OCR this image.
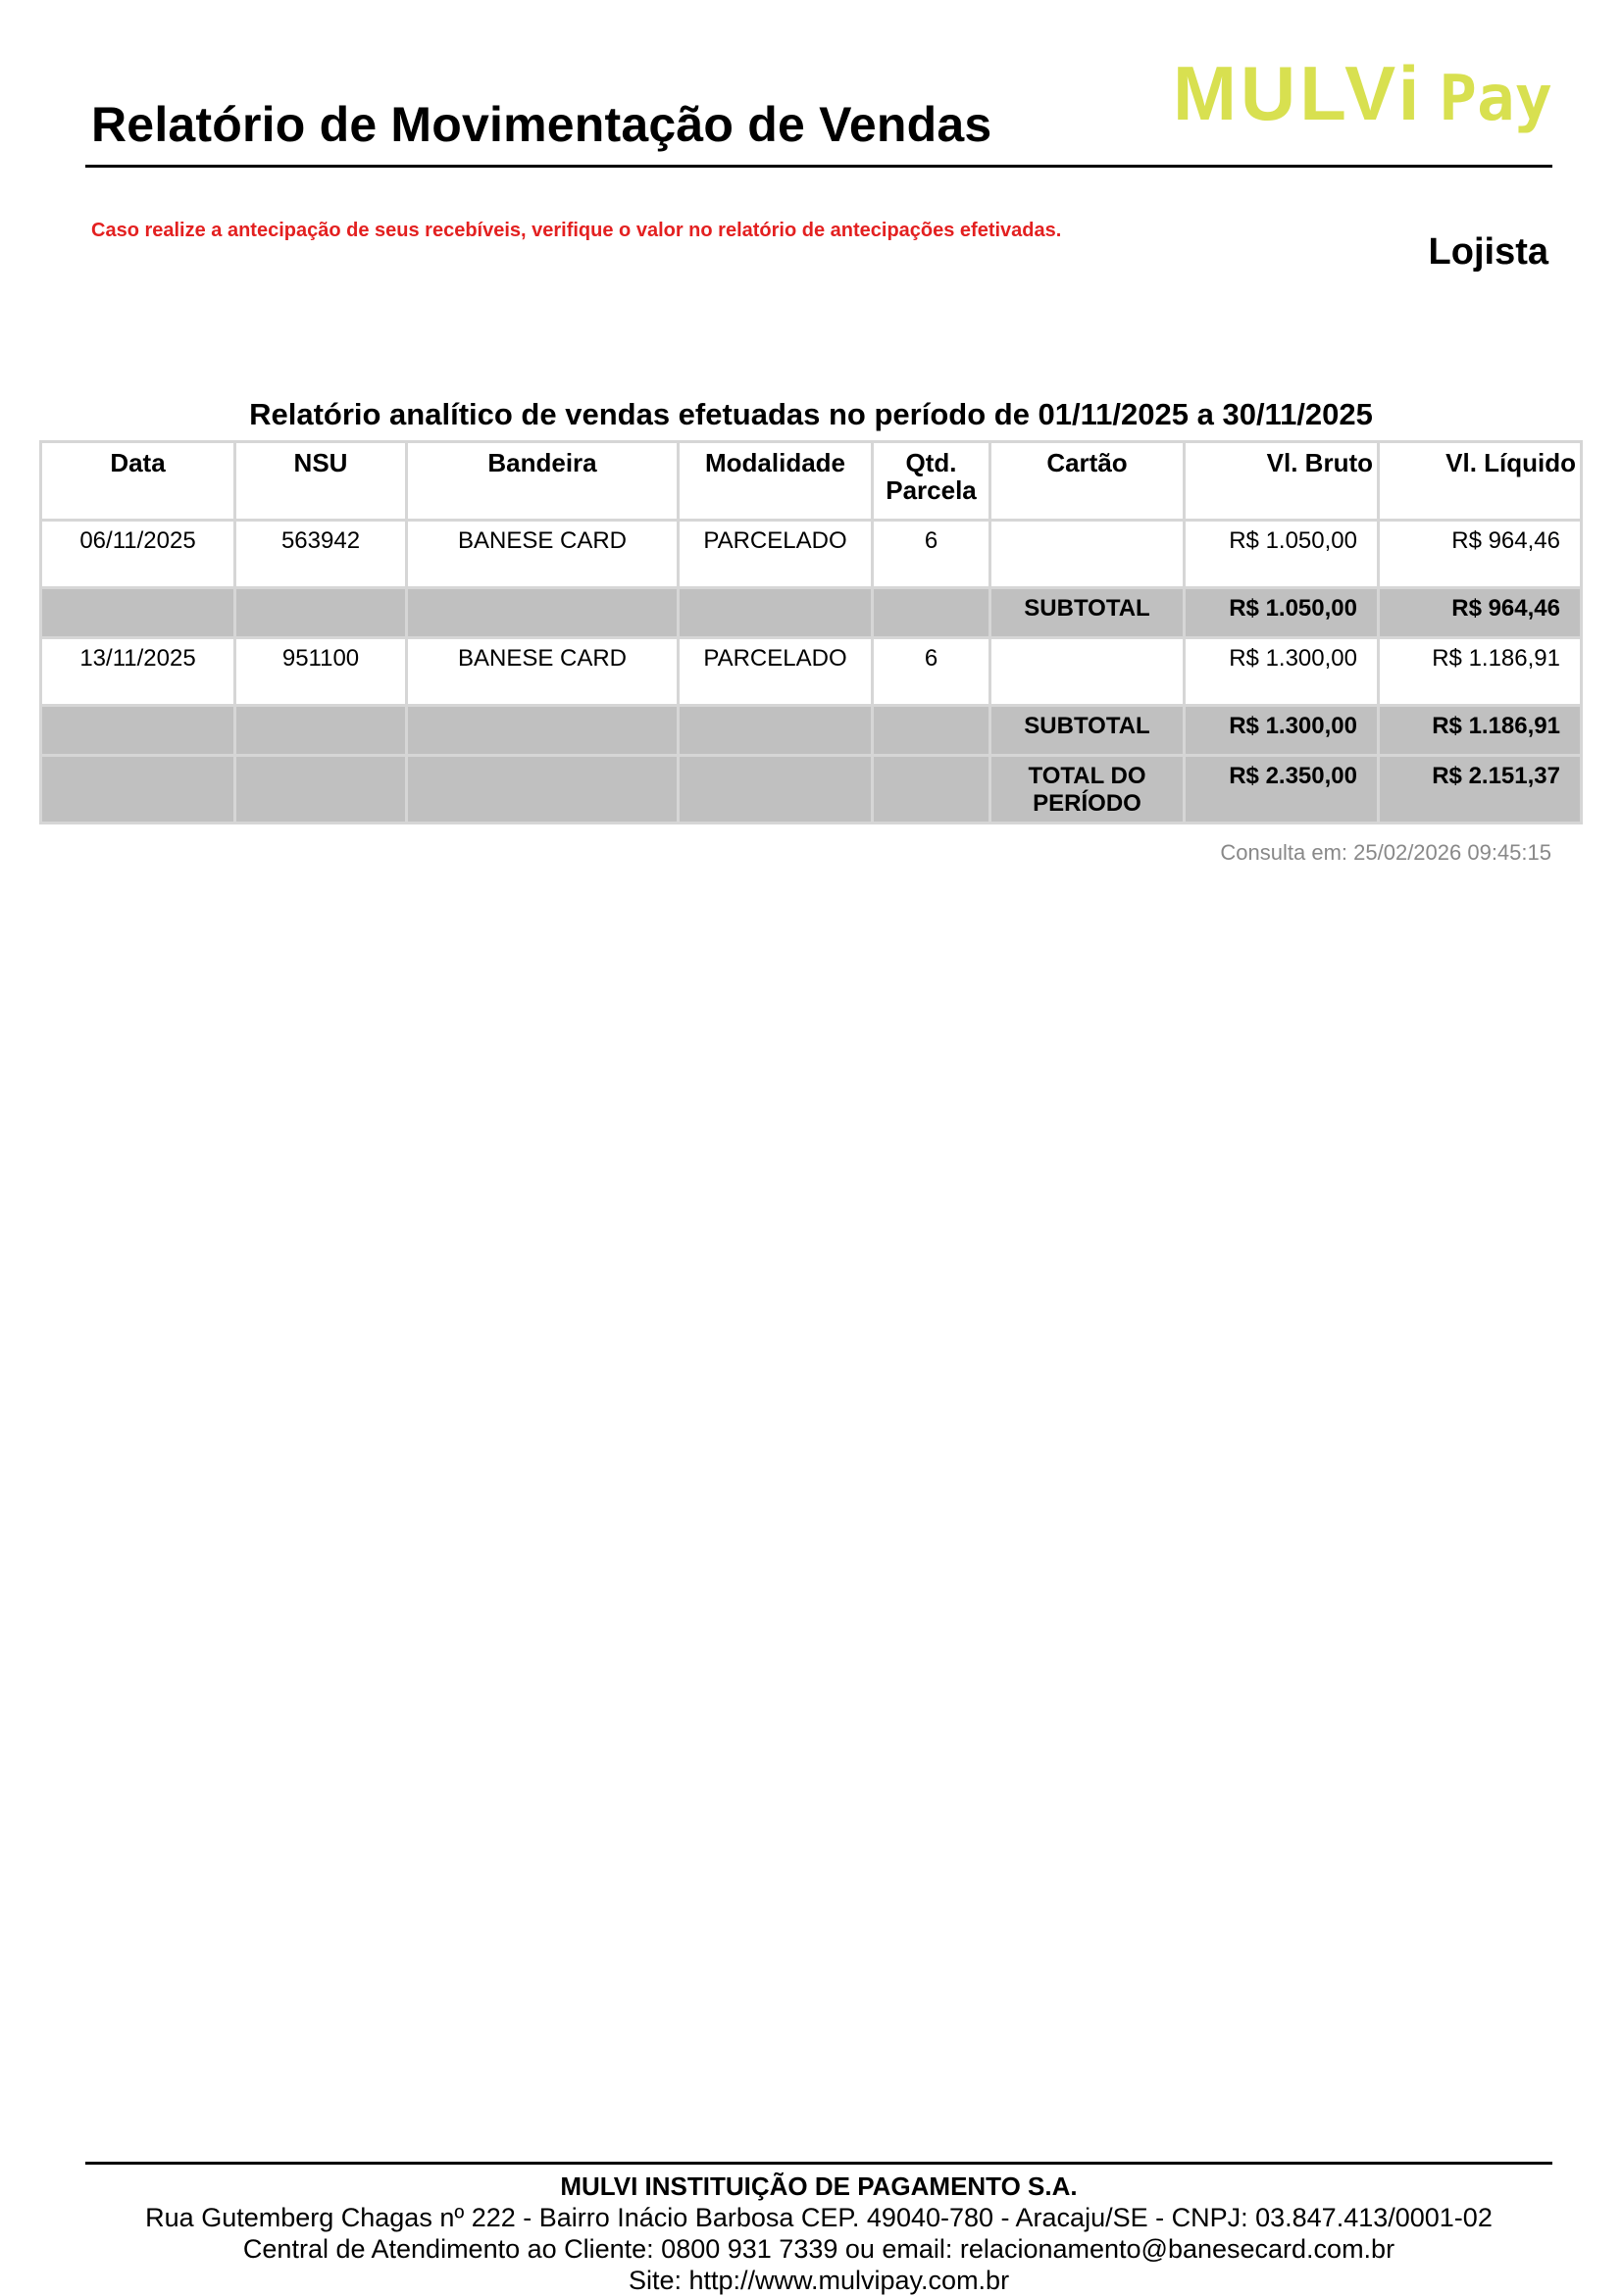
Relatório de Movimentação de Vendas MULVi Pay
Caso realize a antecipação de seus recebíveis, verifique o valor no relatório de antecipações efetivadas.
Lojista
Relatório analítico de vendas efetuadas no período de 01/11/2025 a 30/11/2025
Data	NSU	Bandeira	Modalidade	Qtd. Parcela	Cartão	Vl. Bruto	Vl. Líquido
06/11/2025	563942	BANESE CARD	PARCELADO	6		R$ 1.050,00	R$ 964,46
					SUBTOTAL	R$ 1.050,00	R$ 964,46
13/11/2025	951100	BANESE CARD	PARCELADO	6		R$ 1.300,00	R$ 1.186,91
					SUBTOTAL	R$ 1.300,00	R$ 1.186,91
					TOTAL DO PERÍODO	R$ 2.350,00	R$ 2.151,37
Consulta em: 25/02/2026 09:45:15
MULVI INSTITUIÇÃO DE PAGAMENTO S.A.
Rua Gutemberg Chagas nº 222 - Bairro Inácio Barbosa CEP. 49040-780 - Aracaju/SE - CNPJ: 03.847.413/0001-02
Central de Atendimento ao Cliente: 0800 931 7339 ou email: relacionamento@banesecard.com.br
Site: http://www.mulvipay.com.br
